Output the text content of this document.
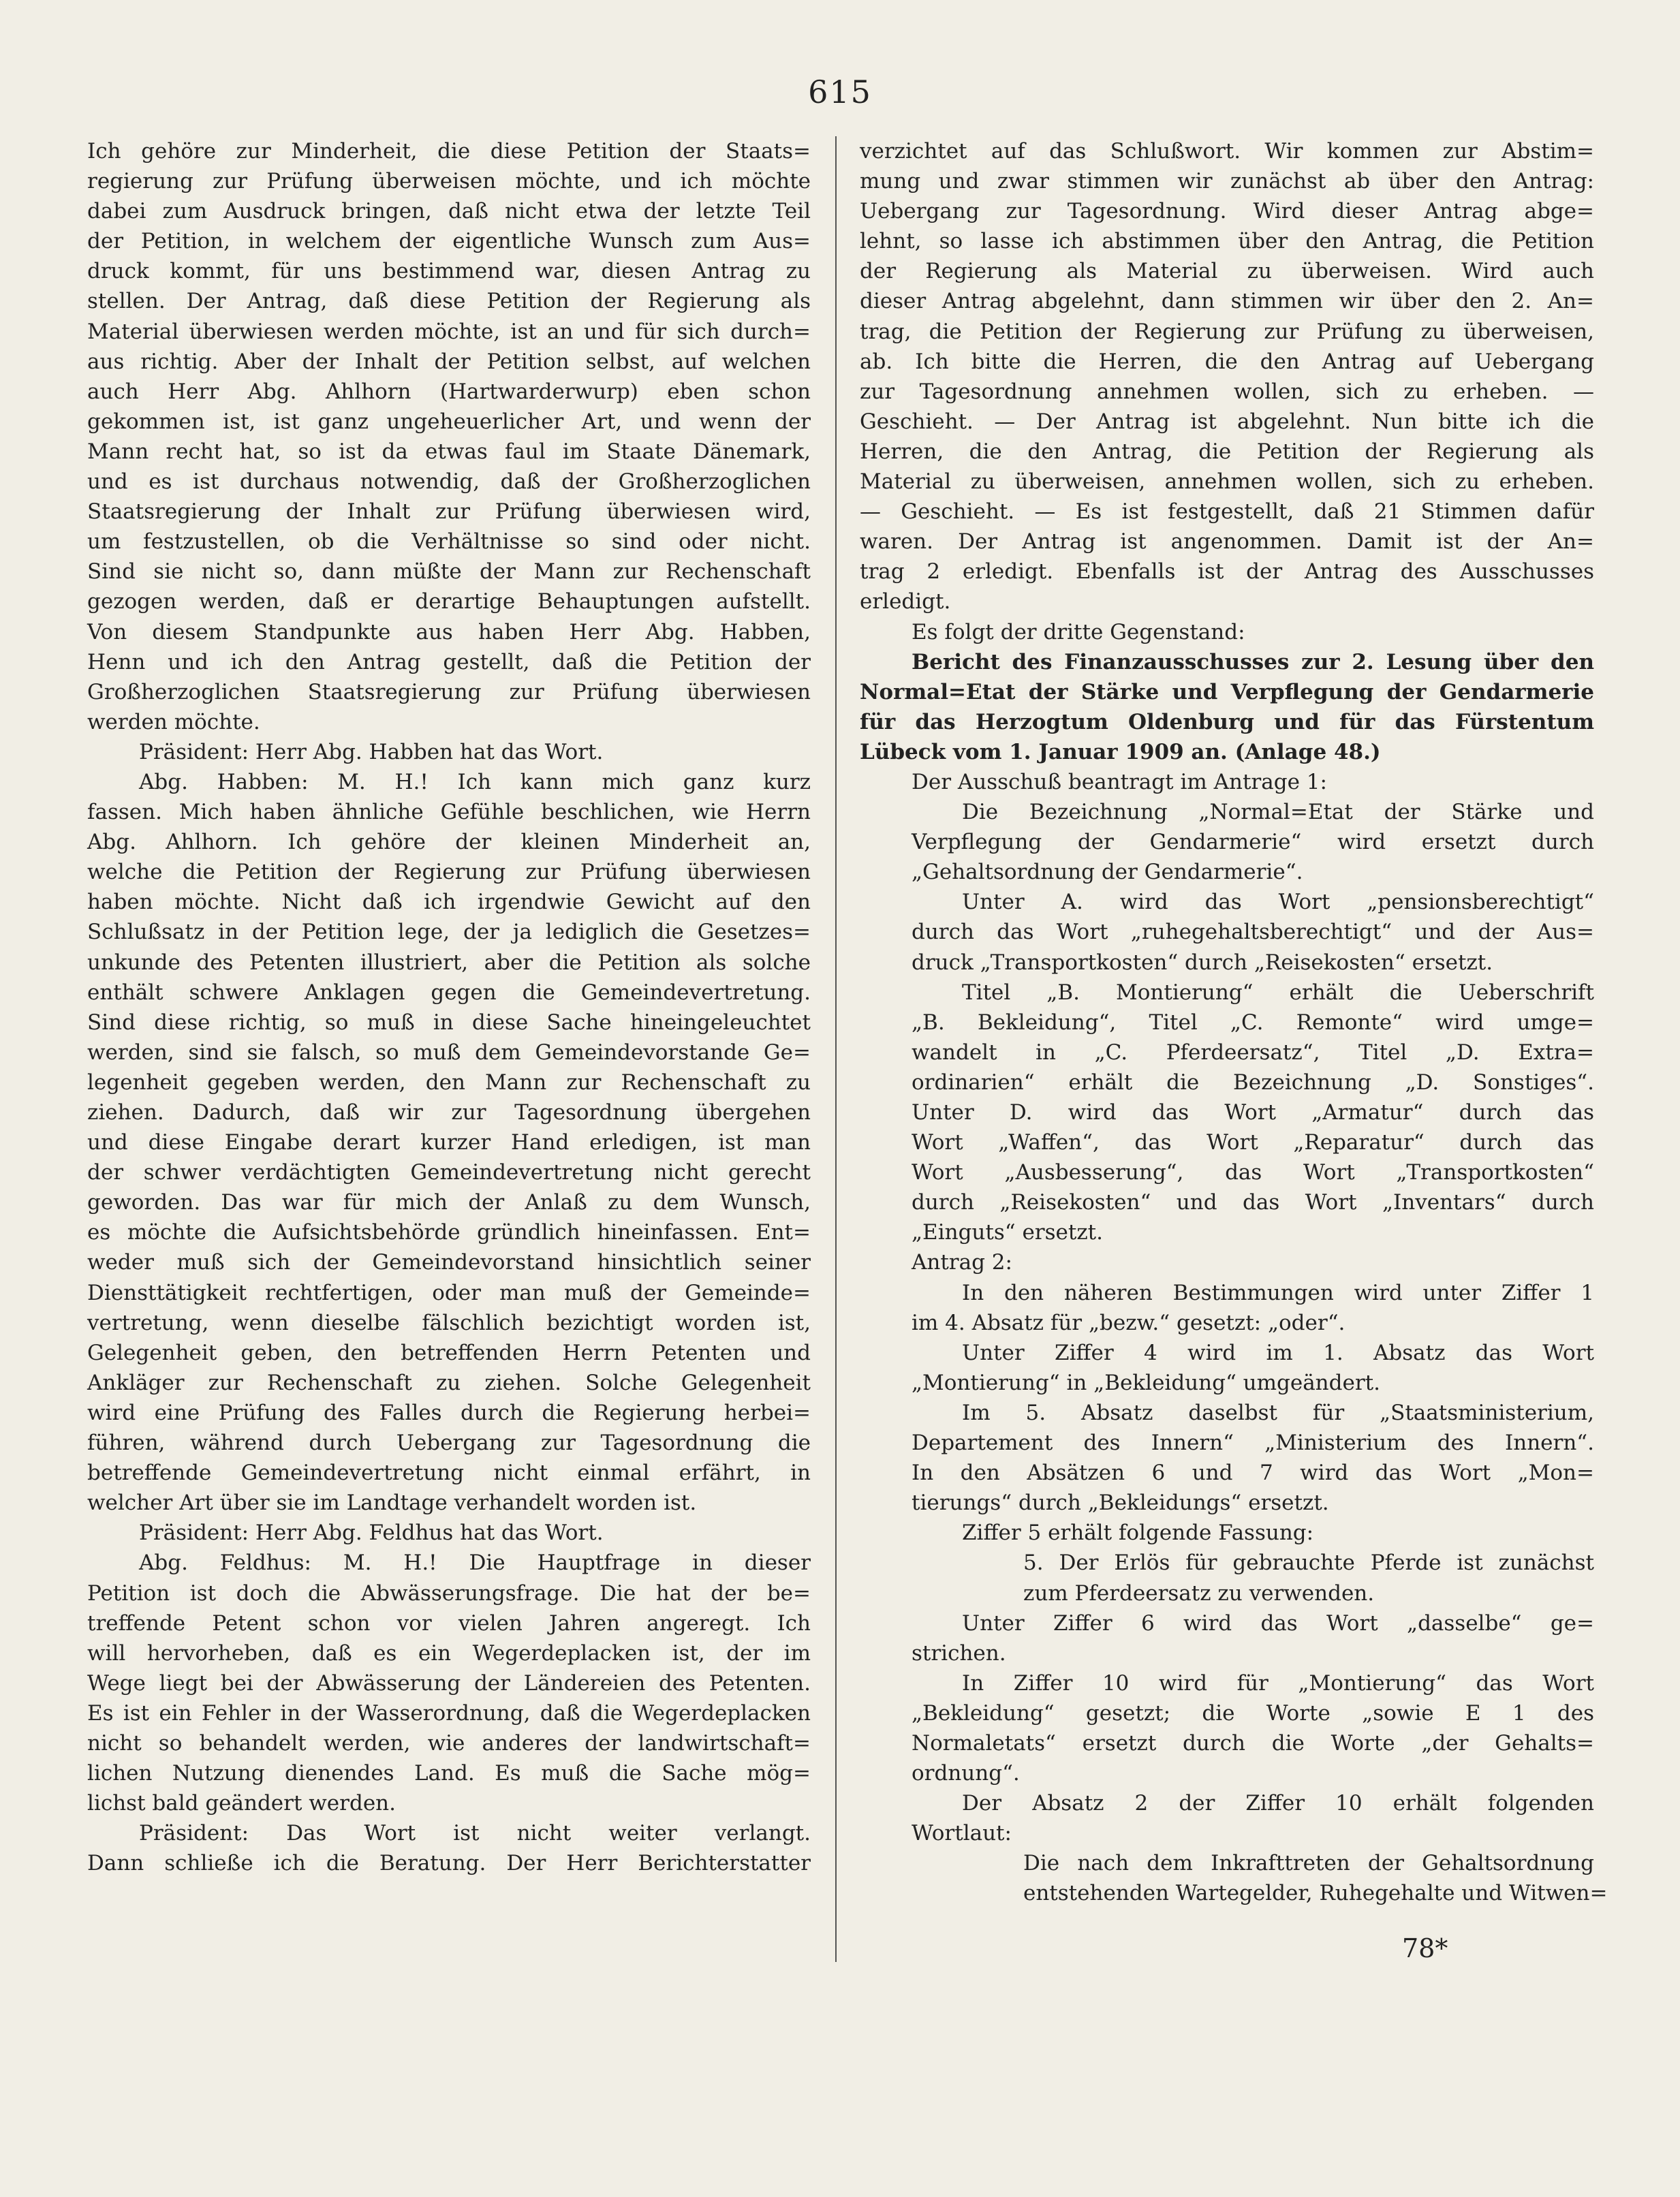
615
Ich gehöre zur Minderheit, die diese Petition der Staats=
regierung zur Prüfung überweisen möchte, und ich möchte
dabei zum Ausdruck bringen, daß nicht etwa der letzte Teil
der Petition, in welchem der eigentliche Wunsch zum Aus=
druck kommt, für uns bestimmend war, diesen Antrag zu
stellen. Der Antrag, daß diese Petition der Regierung als
Material überwiesen werden möchte, ist an und für sich durch=
aus richtig. Aber der Inhalt der Petition selbst, auf welchen
auch Herr Abg. Ahlhorn (Hartwarderwurp) eben schon
gekommen ist, ist ganz ungeheuerlicher Art, und wenn der
Mann recht hat, so ist da etwas faul im Staate Dänemark,
und es ist durchaus notwendig, daß der Großherzoglichen
Staatsregierung der Inhalt zur Prüfung überwiesen wird,
um festzustellen, ob die Verhältnisse so sind oder nicht.
Sind sie nicht so, dann müßte der Mann zur Rechenschaft
gezogen werden, daß er derartige Behauptungen aufstellt.
Von diesem Standpunkte aus haben Herr Abg. Habben,
Henn und ich den Antrag gestellt, daß die Petition der
Großherzoglichen Staatsregierung zur Prüfung überwiesen
werden möchte.
Präsident: Herr Abg. Habben hat das Wort.
Abg. Habben: M. H.! Ich kann mich ganz kurz
fassen. Mich haben ähnliche Gefühle beschlichen, wie Herrn
Abg. Ahlhorn. Ich gehöre der kleinen Minderheit an,
welche die Petition der Regierung zur Prüfung überwiesen
haben möchte. Nicht daß ich irgendwie Gewicht auf den
Schlußsatz in der Petition lege, der ja lediglich die Gesetzes=
unkunde des Petenten illustriert, aber die Petition als solche
enthält schwere Anklagen gegen die Gemeindevertretung.
Sind diese richtig, so muß in diese Sache hineingeleuchtet
werden, sind sie falsch, so muß dem Gemeindevorstande Ge=
legenheit gegeben werden, den Mann zur Rechenschaft zu
ziehen. Dadurch, daß wir zur Tagesordnung übergehen
und diese Eingabe derart kurzer Hand erledigen, ist man
der schwer verdächtigten Gemeindevertretung nicht gerecht
geworden. Das war für mich der Anlaß zu dem Wunsch,
es möchte die Aufsichtsbehörde gründlich hineinfassen. Ent=
weder muß sich der Gemeindevorstand hinsichtlich seiner
Diensttätigkeit rechtfertigen, oder man muß der Gemeinde=
vertretung, wenn dieselbe fälschlich bezichtigt worden ist,
Gelegenheit geben, den betreffenden Herrn Petenten und
Ankläger zur Rechenschaft zu ziehen. Solche Gelegenheit
wird eine Prüfung des Falles durch die Regierung herbei=
führen, während durch Uebergang zur Tagesordnung die
betreffende Gemeindevertretung nicht einmal erfährt, in
welcher Art über sie im Landtage verhandelt worden ist.
Präsident: Herr Abg. Feldhus hat das Wort.
Abg. Feldhus: M. H.! Die Hauptfrage in dieser
Petition ist doch die Abwässerungsfrage. Die hat der be=
treffende Petent schon vor vielen Jahren angeregt. Ich
will hervorheben, daß es ein Wegerdeplacken ist, der im
Wege liegt bei der Abwässerung der Ländereien des Petenten.
Es ist ein Fehler in der Wasserordnung, daß die Wegerdeplacken
nicht so behandelt werden, wie anderes der landwirtschaft=
lichen Nutzung dienendes Land. Es muß die Sache mög=
lichst bald geändert werden.
Präsident: Das Wort ist nicht weiter verlangt.
Dann schließe ich die Beratung. Der Herr Berichterstatter
verzichtet auf das Schlußwort. Wir kommen zur Abstim=
mung und zwar stimmen wir zunächst ab über den Antrag:
Uebergang zur Tagesordnung. Wird dieser Antrag abge=
lehnt, so lasse ich abstimmen über den Antrag, die Petition
der Regierung als Material zu überweisen. Wird auch
dieser Antrag abgelehnt, dann stimmen wir über den 2. An=
trag, die Petition der Regierung zur Prüfung zu überweisen,
ab. Ich bitte die Herren, die den Antrag auf Uebergang
zur Tagesordnung annehmen wollen, sich zu erheben. —
Geschieht. — Der Antrag ist abgelehnt. Nun bitte ich die
Herren, die den Antrag, die Petition der Regierung als
Material zu überweisen, annehmen wollen, sich zu erheben.
— Geschieht. — Es ist festgestellt, daß 21 Stimmen dafür
waren. Der Antrag ist angenommen. Damit ist der An=
trag 2 erledigt. Ebenfalls ist der Antrag des Ausschusses
erledigt.
Es folgt der dritte Gegenstand:
Bericht des Finanzausschusses zur 2. Lesung über den
Normal=Etat der Stärke und Verpflegung der Gendarmerie
für das Herzogtum Oldenburg und für das Fürstentum
Lübeck vom 1. Januar 1909 an. (Anlage 48.)
Der Ausschuß beantragt im Antrage 1:
Die Bezeichnung „Normal=Etat der Stärke und
Verpflegung der Gendarmerie“ wird ersetzt durch
„Gehaltsordnung der Gendarmerie“.
Unter A. wird das Wort „pensionsberechtigt“
durch das Wort „ruhegehaltsberechtigt“ und der Aus=
druck „Transportkosten“ durch „Reisekosten“ ersetzt.
Titel „B. Montierung“ erhält die Ueberschrift
„B. Bekleidung“, Titel „C. Remonte“ wird umge=
wandelt in „C. Pferdeersatz“, Titel „D. Extra=
ordinarien“ erhält die Bezeichnung „D. Sonstiges“.
Unter D. wird das Wort „Armatur“ durch das
Wort „Waffen“, das Wort „Reparatur“ durch das
Wort „Ausbesserung“, das Wort „Transportkosten“
durch „Reisekosten“ und das Wort „Inventars“ durch
„Einguts“ ersetzt.
Antrag 2:
In den näheren Bestimmungen wird unter Ziffer 1
im 4. Absatz für „bezw.“ gesetzt: „oder“.
Unter Ziffer 4 wird im 1. Absatz das Wort
„Montierung“ in „Bekleidung“ umgeändert.
Im 5. Absatz daselbst für „Staatsministerium,
Departement des Innern“ „Ministerium des Innern“.
In den Absätzen 6 und 7 wird das Wort „Mon=
tierungs“ durch „Bekleidungs“ ersetzt.
Ziffer 5 erhält folgende Fassung:
5. Der Erlös für gebrauchte Pferde ist zunächst
zum Pferdeersatz zu verwenden.
Unter Ziffer 6 wird das Wort „dasselbe“ ge=
strichen.
In Ziffer 10 wird für „Montierung“ das Wort
„Bekleidung“ gesetzt; die Worte „sowie E 1 des
Normaletats“ ersetzt durch die Worte „der Gehalts=
ordnung“.
Der Absatz 2 der Ziffer 10 erhält folgenden
Wortlaut:
Die nach dem Inkrafttreten der Gehaltsordnung
entstehenden Wartegelder, Ruhegehalte und Witwen=
78*
